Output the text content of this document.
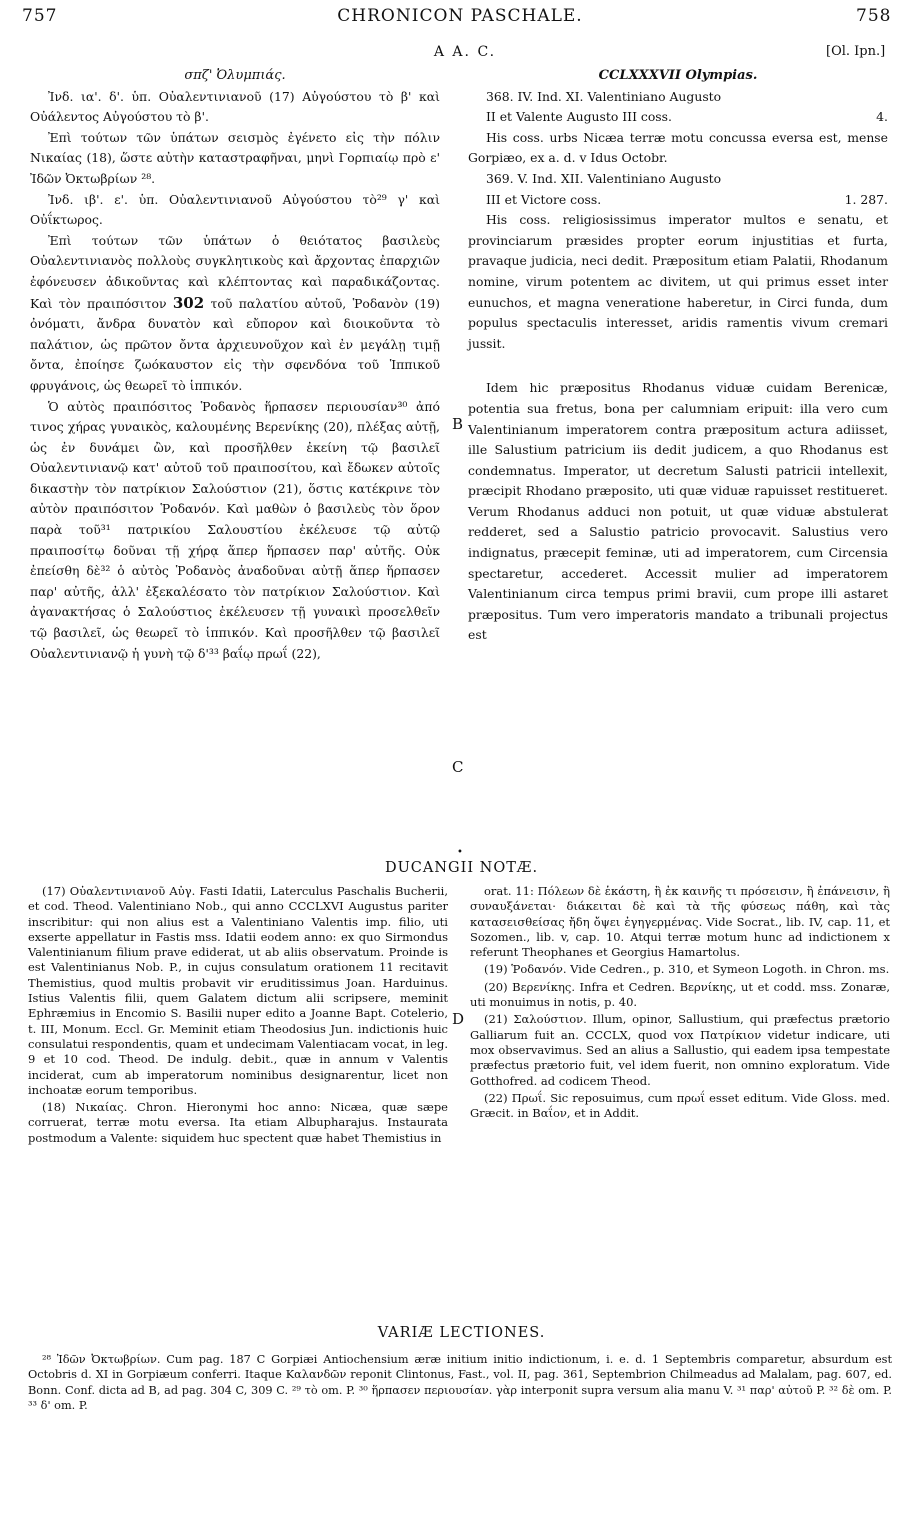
757	CHRONICON PASCHALE.	758
A A. C.	[Ol. Ipn.]
σπζ' Ὀλυμπιάς.

Ἰνδ. ια'. δ'. ὑπ. Οὐαλεντινιανοῦ (17) Αὐγούστου τὸ β' καὶ Οὐάλεντος Αὐγούστου τὸ β'.

Ἐπὶ τούτων τῶν ὑπάτων σεισμὸς ἐγένετο εἰς τὴν πόλιν Νικαίας (18), ὥστε αὐτὴν καταστραφῆναι, μηνὶ Γορπιαίῳ πρὸ ε' Ἰδῶν Ὀκτωβρίων ²⁸.

Ἰνδ. ιβ'. ε'. ὑπ. Οὐαλεντινιανοῦ Αὐγούστου τὸ²⁹ γ' καὶ Οὐΐκτωρος.

Ἐπὶ τούτων τῶν ὑπάτων ὁ θειότατος βασιλεὺς Οὐαλεντινιανὸς πολλοὺς συγκλητικοὺς καὶ ἄρχοντας ἐπαρχιῶν ἐφόνευσεν ἀδικοῦντας καὶ κλέπτοντας καὶ παραδικάζοντας. Καὶ τὸν πραιπόσιτον 302 τοῦ παλατίου αὐτοῦ, Ῥοδανὸν (19) ὀνόματι, ἄνδρα δυνατὸν καὶ εὔπορον καὶ διοικοῦντα τὸ παλάτιον, ὡς πρῶτον ὄντα ἀρχιευνοῦχον καὶ ἐν μεγάλῃ τιμῇ ὄντα, ἐποίησε ζωόκαυστον εἰς τὴν σφενδόνα τοῦ Ἱππικοῦ φρυγάνοις, ὡς θεωρεῖ τὸ ἱππικόν.

Ὁ αὐτὸς πραιπόσιτος Ῥοδανὸς ἥρπασεν περιουσίαν³⁰ ἀπό τινος χήρας γυναικὸς, καλουμένης Βερενίκης (20), πλέξας αὐτῇ, ὡς ἐν δυνάμει ὢν, καὶ προσῆλθεν ἐκείνη τῷ βασιλεῖ Οὐαλεντινιανῷ κατ' αὐτοῦ τοῦ πραιποσίτου, καὶ ἔδωκεν αὐτοῖς δικαστὴν τὸν πατρίκιον Σαλούστιον (21), ὅστις κατέκρινε τὸν αὐτὸν πραιπόσιτον Ῥοδανόν. Καὶ μαθὼν ὁ βασιλεὺς τὸν ὅρον παρὰ τοῦ³¹ πατρικίου Σαλουστίου ἐκέλευσε τῷ αὐτῷ πραιποσίτῳ δοῦναι τῇ χήρᾳ ἅπερ ἥρπασεν παρ' αὐτῆς. Οὐκ ἐπείσθη δὲ³² ὁ αὐτὸς Ῥοδανὸς ἀναδοῦναι αὐτῇ ἅπερ ἥρπασεν παρ' αὐτῆς, ἀλλ' ἐξεκαλέσατο τὸν πατρίκιον Σαλούστιον. Καὶ ἀγανακτήσας ὁ Σαλούστιος ἐκέλευσεν τῇ γυναικὶ προσελθεῖν τῷ βασιλεῖ, ὡς θεωρεῖ τὸ ἱππικόν. Καὶ προσῆλθεν τῷ βασιλεῖ Οὐαλεντινιανῷ ἡ γυνὴ τῷ δ'³³ βαΐῳ πρωΐ (22),

B
C
D
CCLXXXVII Olympias.

368. IV. Ind. XI. Valentiniano Augusto

II et Valente Augusto III coss.	4.

His coss. urbs Nicæa terræ motu concussa eversa est, mense Gorpiæo, ex a. d. v Idus Octobr.

369. V. Ind. XII. Valentiniano Augusto

III et Victore coss.	1. 287.

His coss. religiosissimus imperator multos e senatu, et provinciarum præsides propter eorum injustitias et furta, pravaque judicia, neci dedit. Præpositum etiam Palatii, Rhodanum nomine, virum potentem ac divitem, ut qui primus esset inter eunuchos, et magna veneratione haberetur, in Circi funda, dum populus spectaculis interesset, aridis ramentis vivum cremari jussit.

Idem hic præpositus Rhodanus viduæ cuidam Berenicæ, potentia sua fretus, bona per calumniam eripuit: illa vero cum Valentinianum imperatorem contra præpositum actura adiisset, ille Salustium patricium iis dedit judicem, a quo Rhodanus est condemnatus. Imperator, ut decretum Salusti patricii intellexit, præcipit Rhodano præposito, uti quæ viduæ rapuisset restitueret. Verum Rhodanus adduci non potuit, ut quæ viduæ abstulerat redderet, sed a Salustio patricio provocavit. Salustius vero indignatus, præcepit feminæ, uti ad imperatorem, cum Circensia spectaretur, accederet. Accessit mulier ad imperatorem Valentinianum circa tempus primi bravii, cum prope illi astaret præpositus. Tum vero imperatoris mandato a tribunali projectus est

•
DUCANGII NOTÆ.

(17) Οὐαλεντινιανοῦ Αὐγ. Fasti Idatii, Laterculus Paschalis Bucherii, et cod. Theod. Valentiniano Nob., qui anno CCCLXVI Augustus pariter inscribitur: qui non alius est a Valentiniano Valentis imp. filio, uti exserte appellatur in Fastis mss. Idatii eodem anno: ex quo Sirmondus Valentinianum filium prave ediderat, ut ab aliis observatum. Proinde is est Valentinianus Nob. P., in cujus consulatum orationem 11 recitavit Themistius, quod multis probavit vir eruditissimus Joan. Harduinus. Istius Valentis filii, quem Galatem dictum alii scripsere, meminit Ephræmius in Encomio S. Basilii nuper edito a Joanne Bapt. Cotelerio, t. III, Monum. Eccl. Gr. Meminit etiam Theodosius Jun. indictionis huic consulatui respondentis, quam et undecimam Valentiacam vocat, in leg. 9 et 10 cod. Theod. De indulg. debit., quæ in annum v Valentis inciderat, cum ab imperatorum nominibus designarentur, licet non inchoatæ eorum temporibus.

(18) Νικαίας. Chron. Hieronymi hoc anno: Nicæa, quæ sæpe corruerat, terræ motu eversa. Ita etiam Albupharajus. Instaurata postmodum a Valente: siquidem huc spectent quæ habet Themistius in

orat. 11: Πόλεων δὲ ἑκάστη, ἢ ἐκ καινῆς τι πρόσεισιν, ἢ ἐπάνεισιν, ἢ συναυξάνεται· διάκειται δὲ καὶ τὰ τῆς φύσεως πάθη, καὶ τὰς κατασεισθείσας ἤδη ὄψει ἐγηγερμένας. Vide Socrat., lib. IV, cap. 11, et Sozomen., lib. v, cap. 10. Atqui terræ motum hunc ad indictionem x referunt Theophanes et Georgius Hamartolus.

(19) Ῥοδανόν. Vide Cedren., p. 310, et Symeon Logoth. in Chron. ms.

(20) Βερενίκης. Infra et Cedren. Βερνίκης, ut et codd. mss. Zonaræ, uti monuimus in notis, p. 40.

(21) Σαλούστιον. Illum, opinor, Sallustium, qui præfectus prætorio Galliarum fuit an. CCCLX, quod vox Πατρίκιον videtur indicare, uti mox observavimus. Sed an alius a Sallustio, qui eadem ipsa tempestate præfectus prætorio fuit, vel idem fuerit, non omnino exploratum. Vide Gotthofred. ad codicem Theod.

(22) Πρωΐ. Sic reposuimus, cum πρωΐ esset editum. Vide Gloss. med. Græcit. in Βαΐον, et in Addit.

VARIÆ LECTIONES.

²⁸ Ἰδῶν Ὀκτωβρίων. Cum pag. 187 C Gorpiæi Antiochensium æræ initium initio indictionum, i. e. d. 1 Septembris comparetur, absurdum est Octobris d. XI in Gorpiæum conferri. Itaque Καλανδῶν reponit Clintonus, Fast., vol. II, pag. 361, Septembrion Chilmeadus ad Malalam, pag. 607, ed. Bonn. Conf. dicta ad B, ad pag. 304 C, 309 C. ²⁹ τὸ om. P. ³⁰ ἥρπασεν περιουσίαν. γὰρ interponit supra versum alia manu V. ³¹ παρ' αὐτοῦ P. ³² δὲ om. P. ³³ δ' om. P.
